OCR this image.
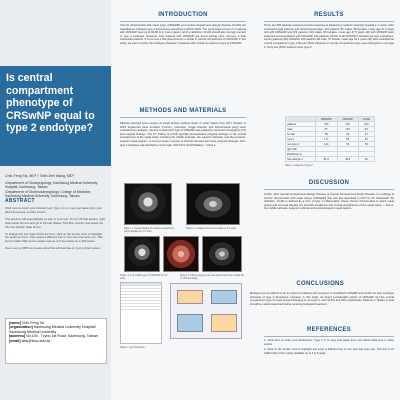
Is central compartment phenotype of CRSwNP equal to type 2 endotype?
Chih-Feng Tai, MD¹,², Shih-Wei Wang, MD³
¹Department of Otolaryngology, Kaohsiung Medical University Hospital, Kaohsiung, Taiwan
²Department of Otorhinolaryngology, College of Medicine, Kaohsiung Medical University, Kaohsiung, Taiwan
ABSTRACT

Click here to insert your Abstract text. Type it in or copy and paste from your Word document or other source.

The text box will automatically re-size to your text. To turn off that feature, right click inside the box and go to Format Shape, Text Box, Autofit, and select the "Do Not Autofit" radio button.

To change the font style of this text box: click on the border once to highlight the entire text box, then select a different font or font size that suits you. This text is Calibri 35pt and is easily read up to 5 feet away on a 4x8 poster.

Zoom out to 100% to preview what this will look like on your printed poster.

[name] Chih-Feng Tai
[organization] Kaohsiung Medical University Hospital/ Kaohsiung Medical University
[address] No.100 , Tzyou 1st Road, Kaohsiung, Taiwan
[email] cftai@kmu.edu.tw
INTRODUCTION
Chronic rhinosinusitis with nasal polyp (CRSwNP) and central compartment allergic disease (CCAD) are classified as endotype type 2 dominances according to EPOS 2020. The percentage of type 2 in patients with CRSwNP rises up to 80-90 % in many papers, and by definition, CCAD should also strongly connect to type 2 endotype. However, Asia patients with CRSwNP are found having more non-type 2 than Caucasian patients. It is not sure if this phenomenon is similar in central compartment of CRSwNP. In this study, we want to clarify the endotype character of patients with central compartment type of CRSwNP.
METHODS AND MATERIALS
Patients received sinus surgery at single tertiary medical center of south Taiwan from 2017 October to 2019 September were enrolled. Turmors, mucocele, fungal infection and antrochoanal polyp were excluded from analysis. Central compartment type of CRSwNP was judged by computer tomography (CT) and surgical findings. The CT finding of CCAD typically demonstrates polypoid changes in the central compartment of the nasal cavity including the middle turbinate, the superior turbinate, and the posterior-superior nasal septum. In most of cases, mucosa of ethmoid sinuses also have polypoid changes. Non-type 2 endotype was decided by serum IgE >100 IU/ml and Phadiotop < Class 2.
Figure 1. Typical finding of central compartment polyp disease on CT scan.
Figure 2. Isolated ethmoid sinusitis on CT scan.
Figure 3. Left middle type of CRSwNP by CT scan.
Figure 4. Lifting surgery and nose abnormal in the middle fat in ethmoid polyp.
Table 1. Left of the Non.
RESULTS
There are 590 patients received sinusitis surgeries at Kaohsiung medical university hospital in 2 years. After excluded fungal infection and antrochoanal polyp, 315 patients (57 males, 58 females, mean age 47.3 years old) with CRSwNP and 115 patients (116 males, 66 females, mean age 47.5 years old) with CRSsNP were analyzed. Among patients with CRSwNP, 144 patients (49.5% of all CRSwNP) showed non-type 2 endotype. Among patients with CRSsNP, 100 patients did male, 37 female, mean age 51.1 years old) were classified as central compartment type. Fifty-two (54% subjects) of central compartment type were belonged to non-type 2. Forty-five (45%) subjects were type 2.
	CRSwNP	CRSsNP	CCAD
patients	315	115	100
male	57	116	62
female	58	66	37
type 2	171	55	45
non-type 2	144	60	52
IgE>100			
Phadiotop<2			
Non-allergic 2	51.2	48.9	52
Table 1. subjects of type 2.
DISCUSSION
CCAD, other Central Compartment Allergic Disease or Central Compartment Atopic Disease, is a subtype of chronic rhinosinusitis with nasal polyps (CRSwNP) that was first described in 2017 by Dr. DelGaudio. By definition, CCAD is defined as a form of type 2 inflammation where chronic rhinosinusitis in which nasal polyps and mucosal disease are primarily localized to the central compartment of the nasal cavity — that is, the middle turbinate, superior turbinate and posterosuperior nasal septum.
CONCLUSIONS
Biologics are considered to be an option for patients with recurrent or recalcitrant CRSwNP and CCAD, for their endotype character of type 2 dominance. However, in this study, we found considerable portion of CRSwNP and the central compartment type of nasal polyps belonging to non-type 2, with 40.5% and 52% respectively. Patients in Taiwan or Asia should be careful examined before receiving biological treatment.
REFERENCES

1. Click here to insert your References. Type it in or copy and paste from your Word document or other source.

2. Click on the border once to highlight and enter a different font or font size that suits you. This text is 24 Calibri 24pt and is easily readable up to 4 to 5 away.
